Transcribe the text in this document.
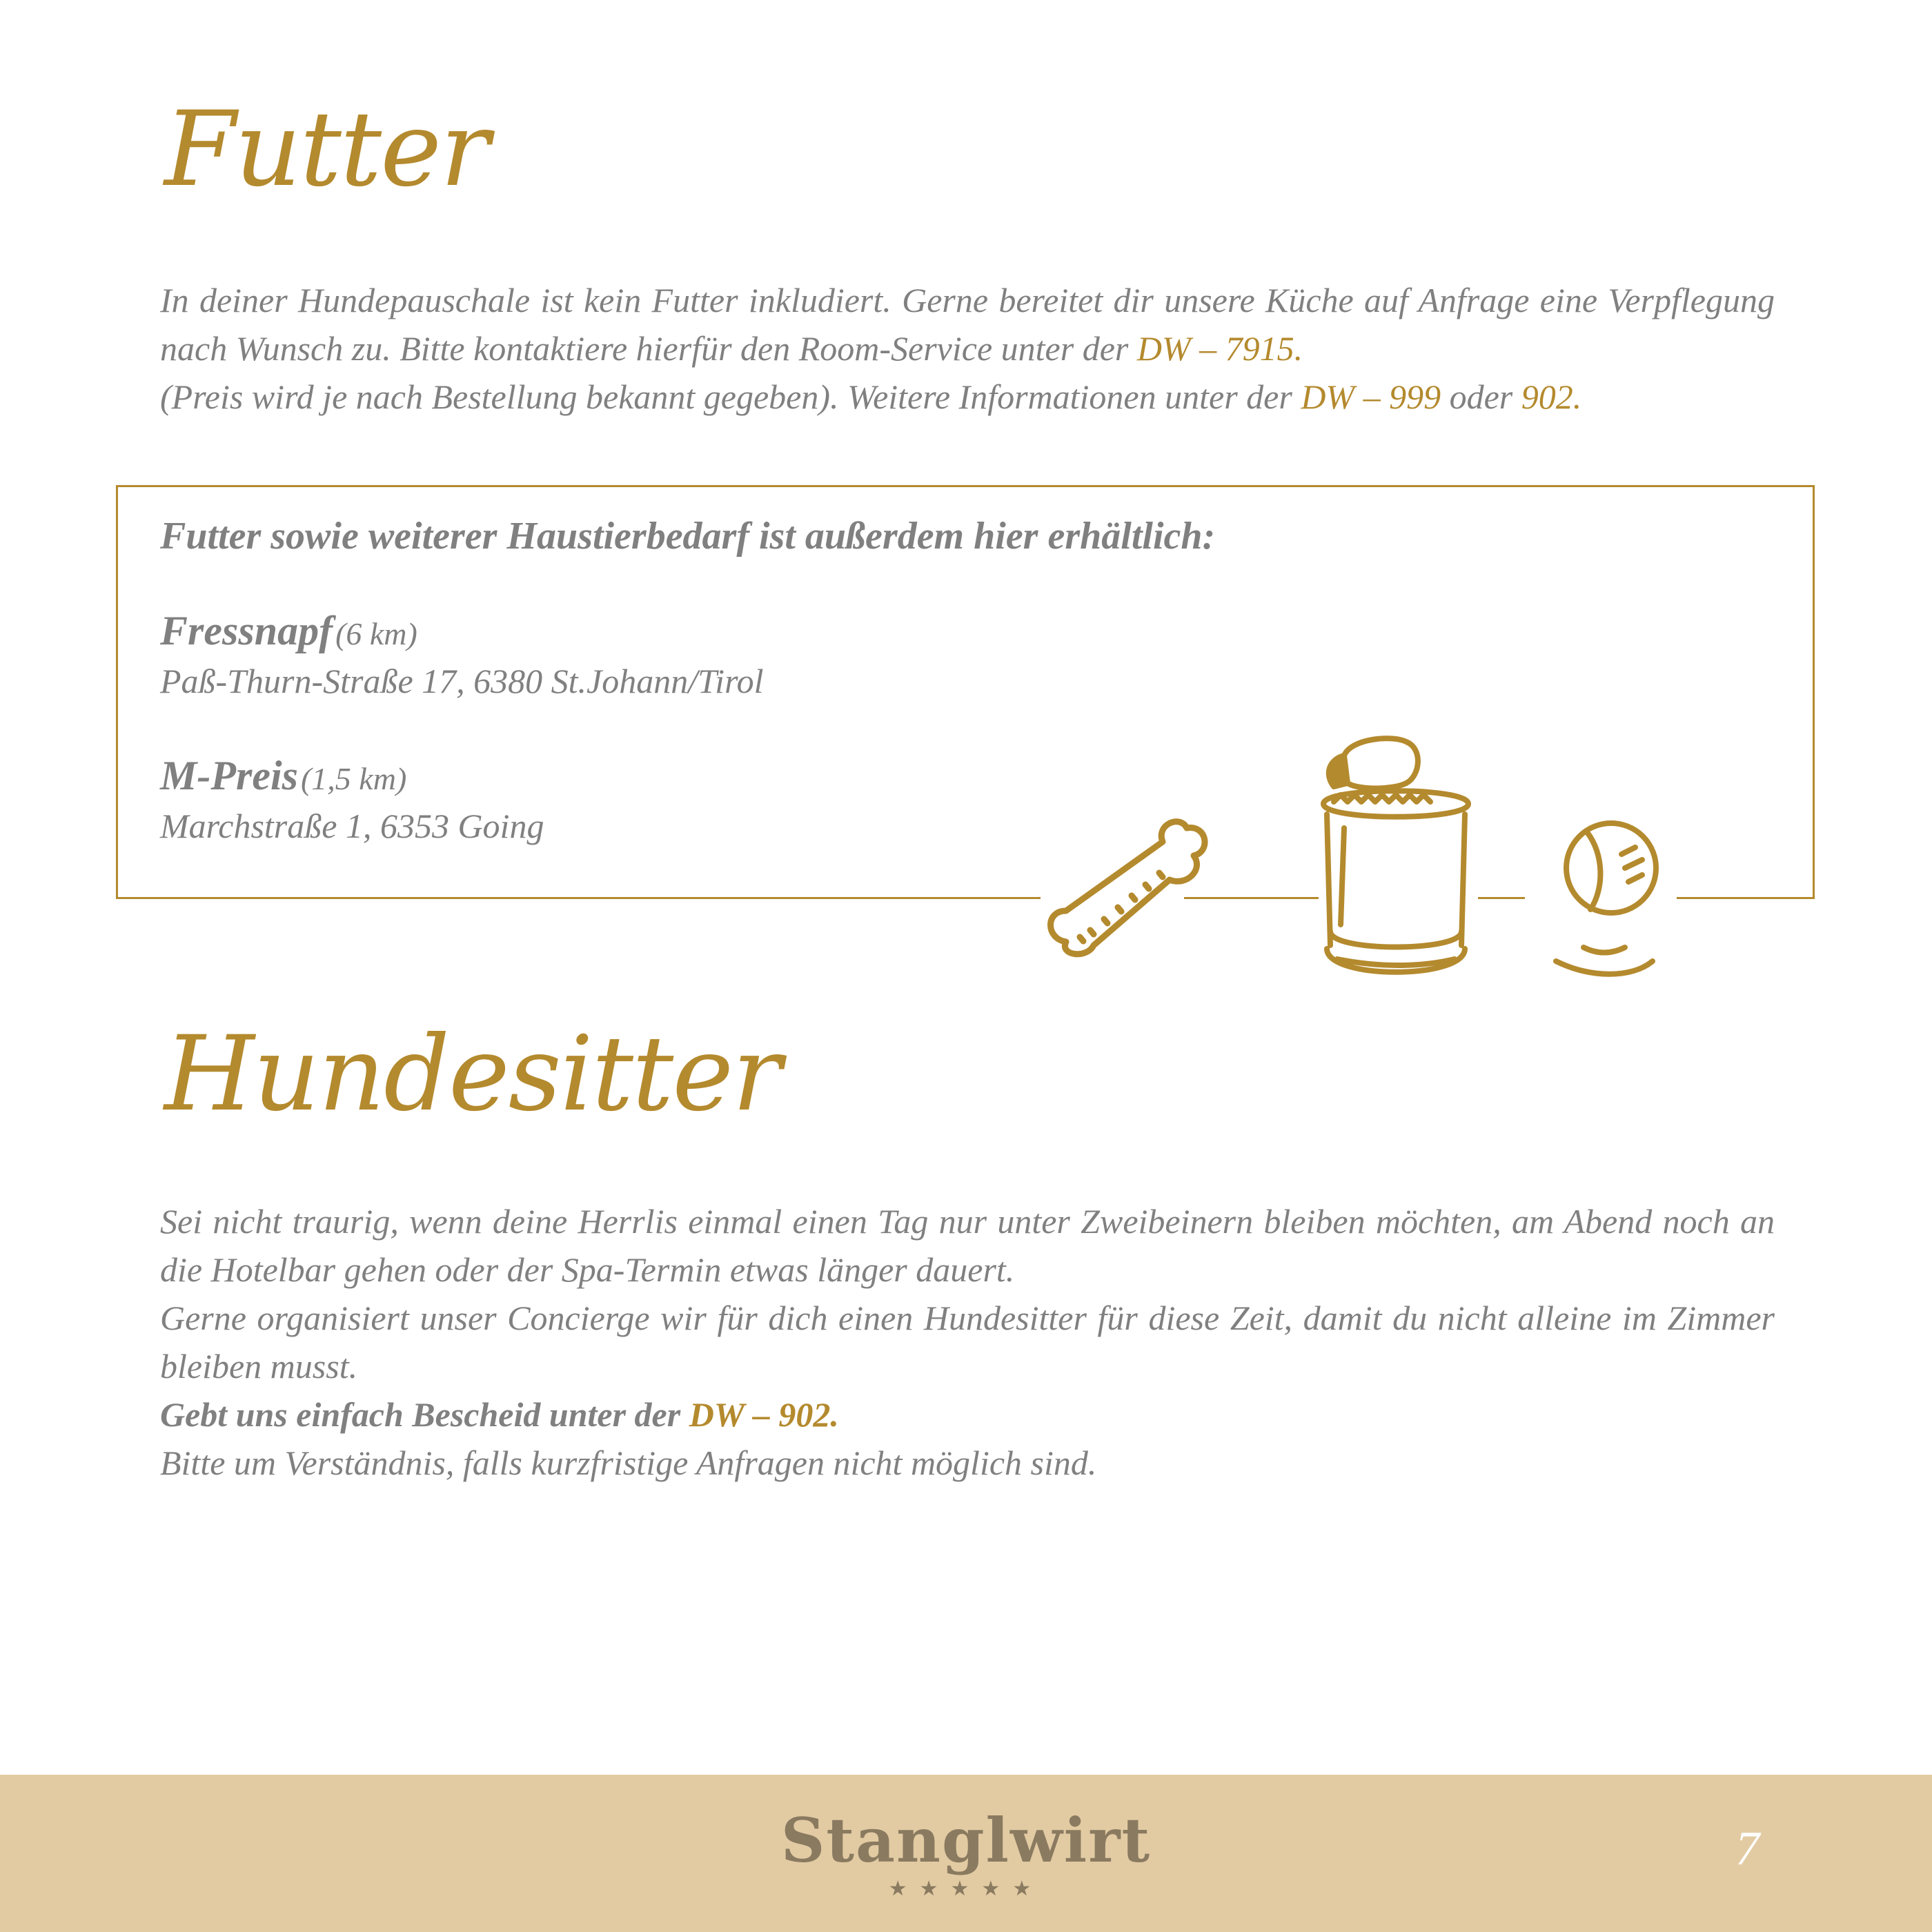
Futter

In deiner Hundepauschale ist kein Futter inkludiert. Gerne bereitet dir unsere Küche auf Anfrage eine Verpflegung nach Wunsch zu. Bitte kontaktiere hierfür den Room-Service unter der DW – 7915.
(Preis wird je nach Bestellung bekannt gegeben). Weitere Informationen unter der DW – 999 oder 902.

Futter sowie weiterer Haustierbedarf ist außerdem hier erhältlich:

Fressnapf (6 km)

Paß-Thurn-Straße 17, 6380 St.Johann/Tirol

M-Preis (1,5 km)

Marchstraße 1, 6353 Going

Hundesitter

Sei nicht traurig, wenn deine Herrlis einmal einen Tag nur unter Zweibeinern bleiben möchten, am Abend noch an die Hotelbar gehen oder der Spa-Termin etwas länger dauert.
Gerne organisiert unser Concierge wir für dich einen Hundesitter für diese Zeit, damit du nicht alleine im Zimmer bleiben musst.
Gebt uns einfach Bescheid unter der DW – 902.
Bitte um Verständnis, falls kurzfristige Anfragen nicht möglich sind.

Stanglwirt

★★★★★

7
